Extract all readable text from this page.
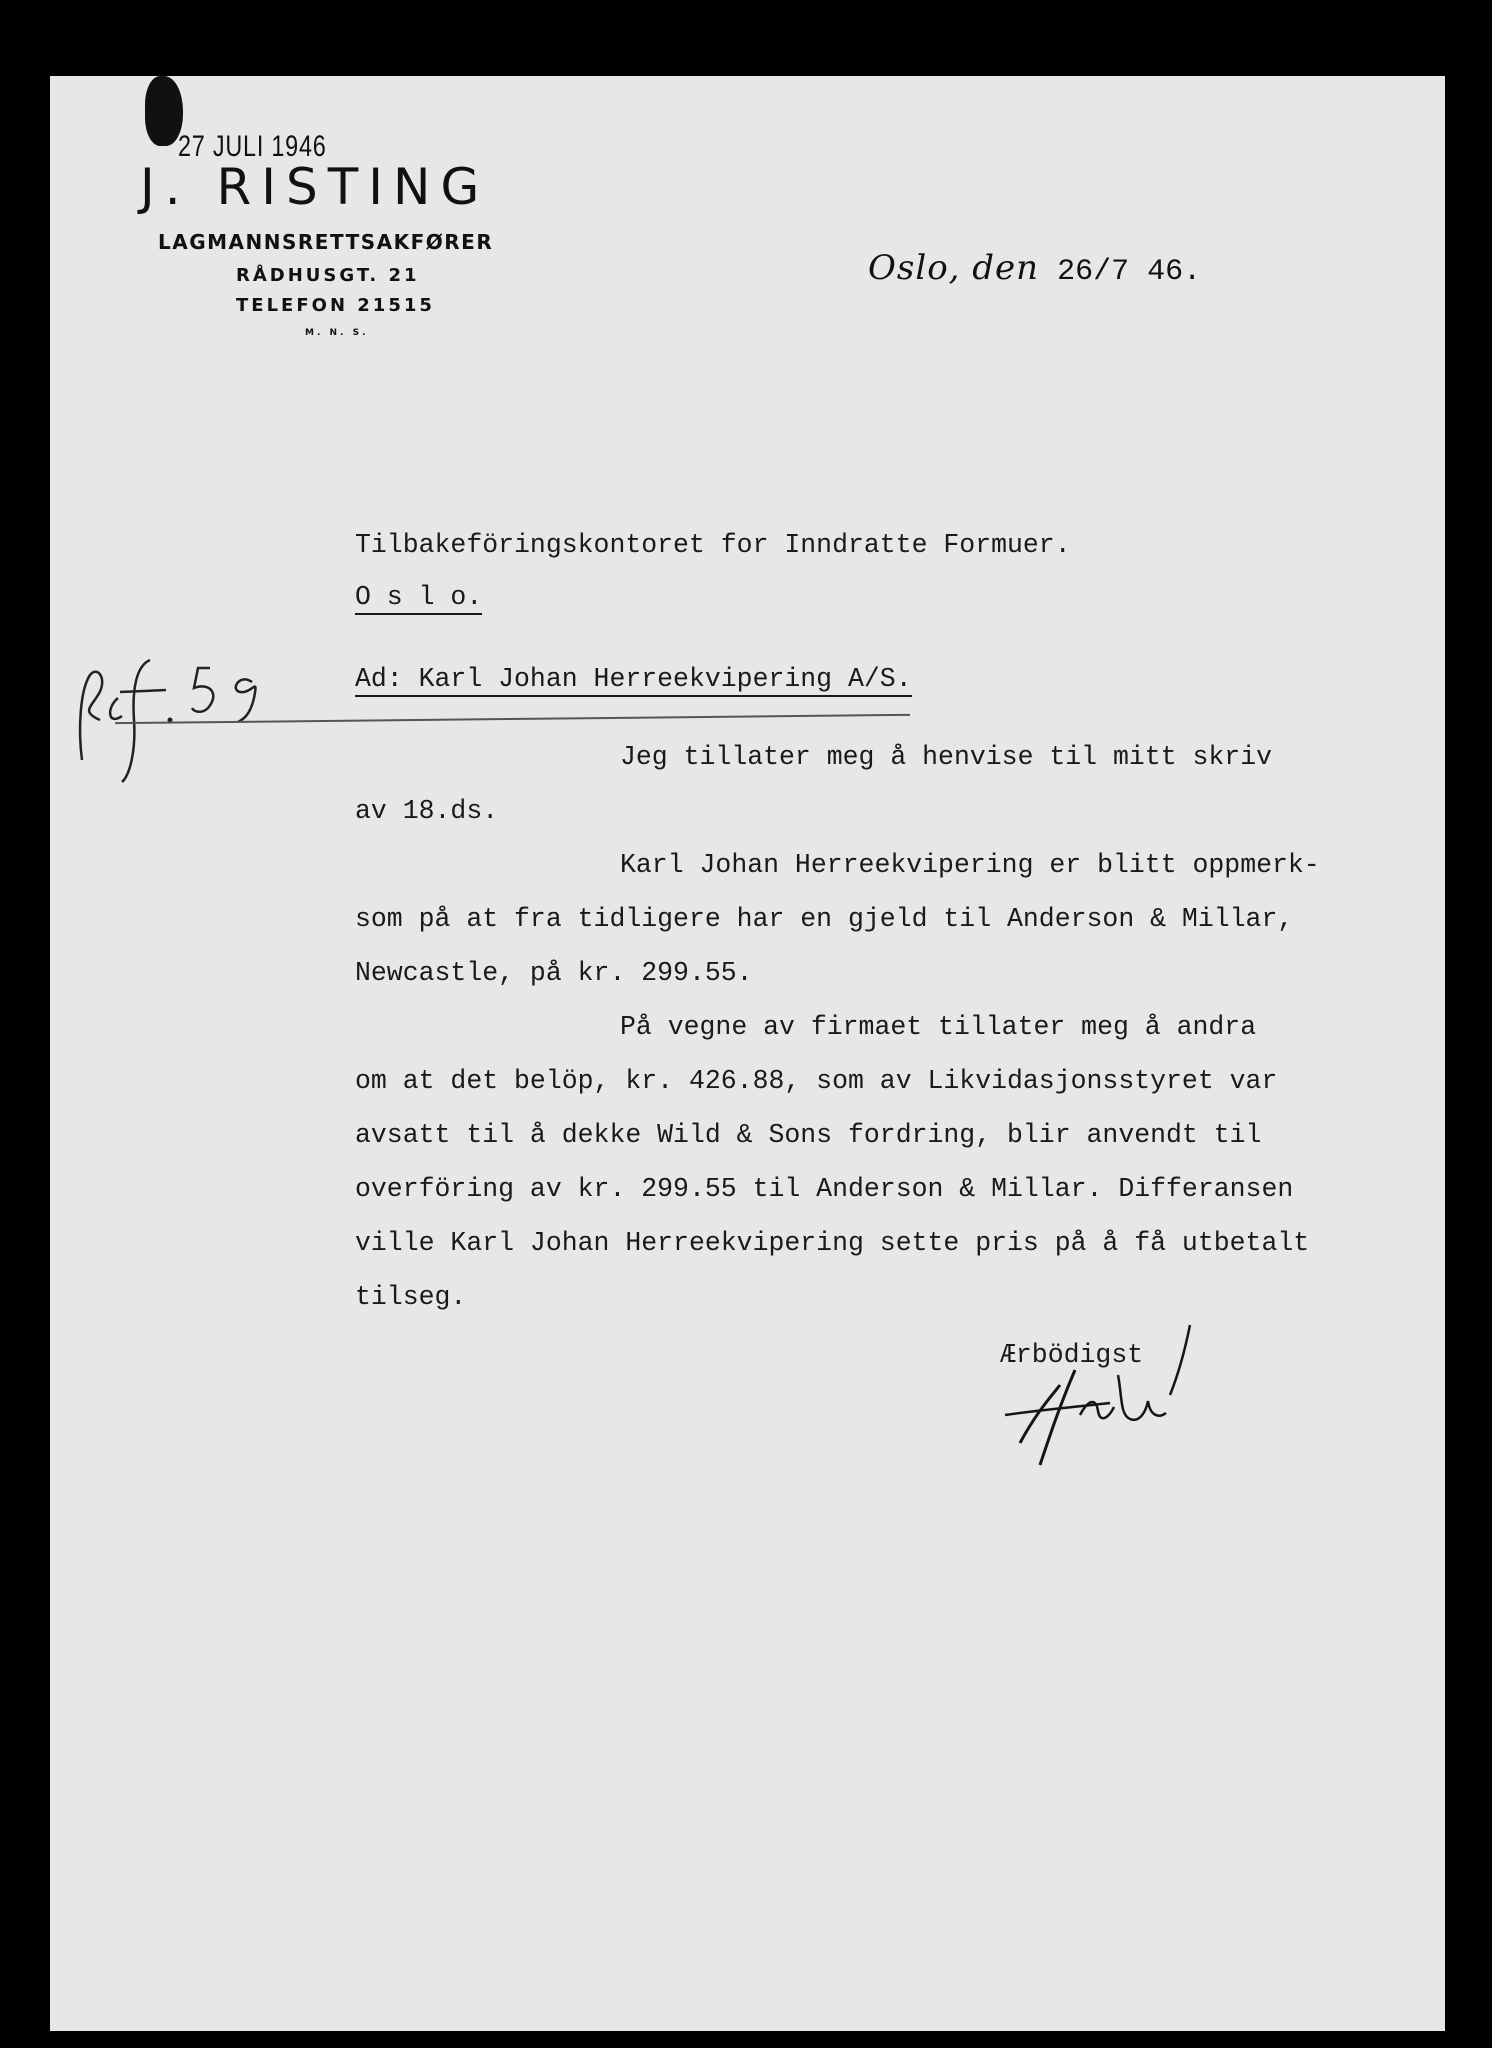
27 JULI 1946
J. RISTING
LAGMANNSRETTSAKFØRER
RÅDHUSGT. 21
TELEFON 21515
M. N. S.
Oslo, den 26/7 46.
Tilbakeföringskontoret for Inndratte Formuer.
O s l o.
Ad: Karl Johan Herreekvipering A/S.
Jeg tillater meg å henvise til mitt skriv
av 18.ds.
Karl Johan Herreekvipering er blitt oppmerk-
som på at fra tidligere har en gjeld til Anderson & Millar,
Newcastle, på kr. 299.55.
På vegne av firmaet tillater meg å andra
om at det belöp, kr. 426.88, som av Likvidasjonsstyret var
avsatt til å dekke Wild & Sons fordring, blir anvendt til
overföring av kr. 299.55 til Anderson & Millar. Differansen
ville Karl Johan Herreekvipering sette pris på å få utbetalt
tilseg.
Ærbödigst
